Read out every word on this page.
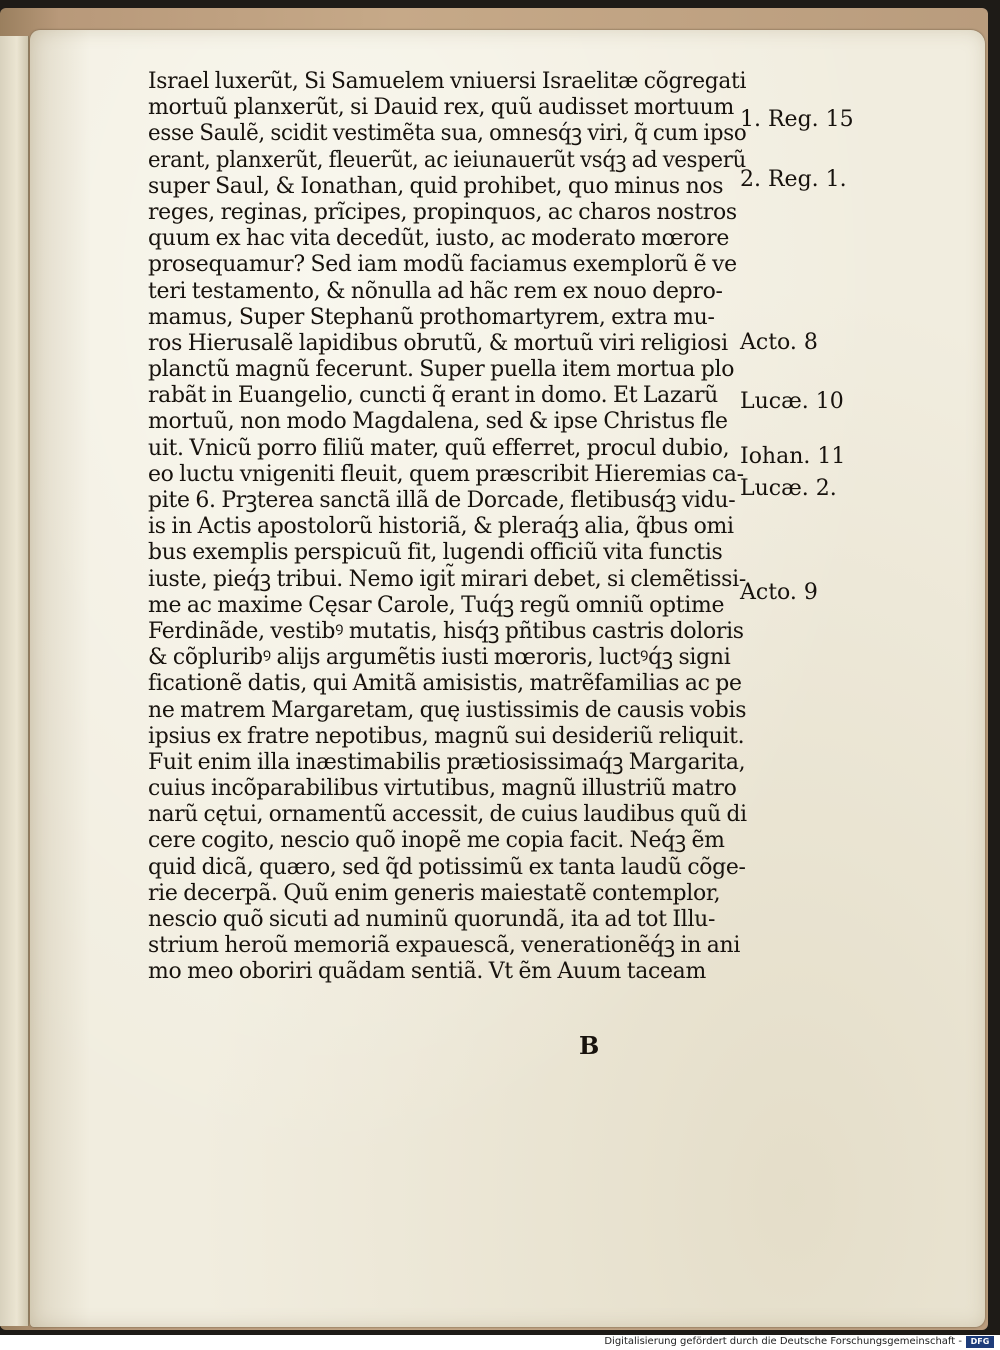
Israel luxerũt, Si Samuelem vniuersi Israelitæ cõgregati
mortuũ planxerũt, si Dauid rex, quũ audisset mortuum
esse Saulẽ, scidit vestimẽta sua, omnesq́ꝫ viri, q̃ cum ipso
erant, planxerũt, fleuerũt, ac ieiunauerũt vsq́ꝫ ad vesperũ
super Saul, & Ionathan, quid prohibet, quo minus nos
reges, reginas, prĩcipes, propinquos, ac charos nostros
quum ex hac vita decedũt, iusto, ac moderato mœrore
prosequamur? Sed iam modũ faciamus exemplorũ ẽ ve
teri testamento, & nõnulla ad hãc rem ex nouo depro-
mamus, Super Stephanũ prothomartyrem, extra mu-
ros Hierusalẽ lapidibus obrutũ, & mortuũ viri religiosi
planctũ magnũ fecerunt. Super puella item mortua plo
rabãt in Euangelio, cuncti q̃ erant in domo. Et Lazarũ
mortuũ, non modo Magdalena, sed & ipse Christus fle
uit. Vnicũ porro filiũ mater, quũ efferret, procul dubio,
eo luctu vnigeniti fleuit, quem præscribit Hieremias ca-
pite 6. Prꝫterea sanctã illã de Dorcade, fletibusq́ꝫ vidu-
is in Actis apostolorũ historiã, & pleraq́ꝫ alia, q̃bus omi
bus exemplis perspicuũ fit, lugendi officiũ vita functis
iuste, pieq́ꝫ tribui. Nemo igit̃ mirari debet, si clemẽtissi-
me ac maxime Cęsar Carole, Tuq́ꝫ regũ omniũ optime
Ferdinãde, vestibꝰ mutatis, hisq́ꝫ pñtibus castris doloris
& cõpluribꝰ alijs argumẽtis iusti mœroris, luctꝰq́ꝫ signi
ficationẽ datis, qui Amitã amisistis, matrẽfamilias ac pe
ne matrem Margaretam, quę iustissimis de causis vobis
ipsius ex fratre nepotibus, magnũ sui desideriũ reliquit.
Fuit enim illa inæstimabilis prætiosissimaq́ꝫ Margarita,
cuius incõparabilibus virtutibus, magnũ illustriũ matro
narũ cętui, ornamentũ accessit, de cuius laudibus quũ di
cere cogito, nescio quõ inopẽ me copia facit. Neq́ꝫ ẽm
quid dicã, quæro, sed q̃d potissimũ ex tanta laudũ cõge-
rie decerpã. Quũ enim generis maiestatẽ contemplor,
nescio quõ sicuti ad numinũ quorundã, ita ad tot Illu-
strium heroũ memoriã expauescã, venerationẽq́ꝫ in ani
mo meo oboriri quãdam sentiã. Vt ẽm Auum taceam
B
1. Reg. 15
2. Reg. 1.
Acto. 8
Lucæ. 10
Iohan. 11
Lucæ. 2.
Acto. 9
Digitalisierung gefördert durch die Deutsche Forschungsgemeinschaft -	DFG
